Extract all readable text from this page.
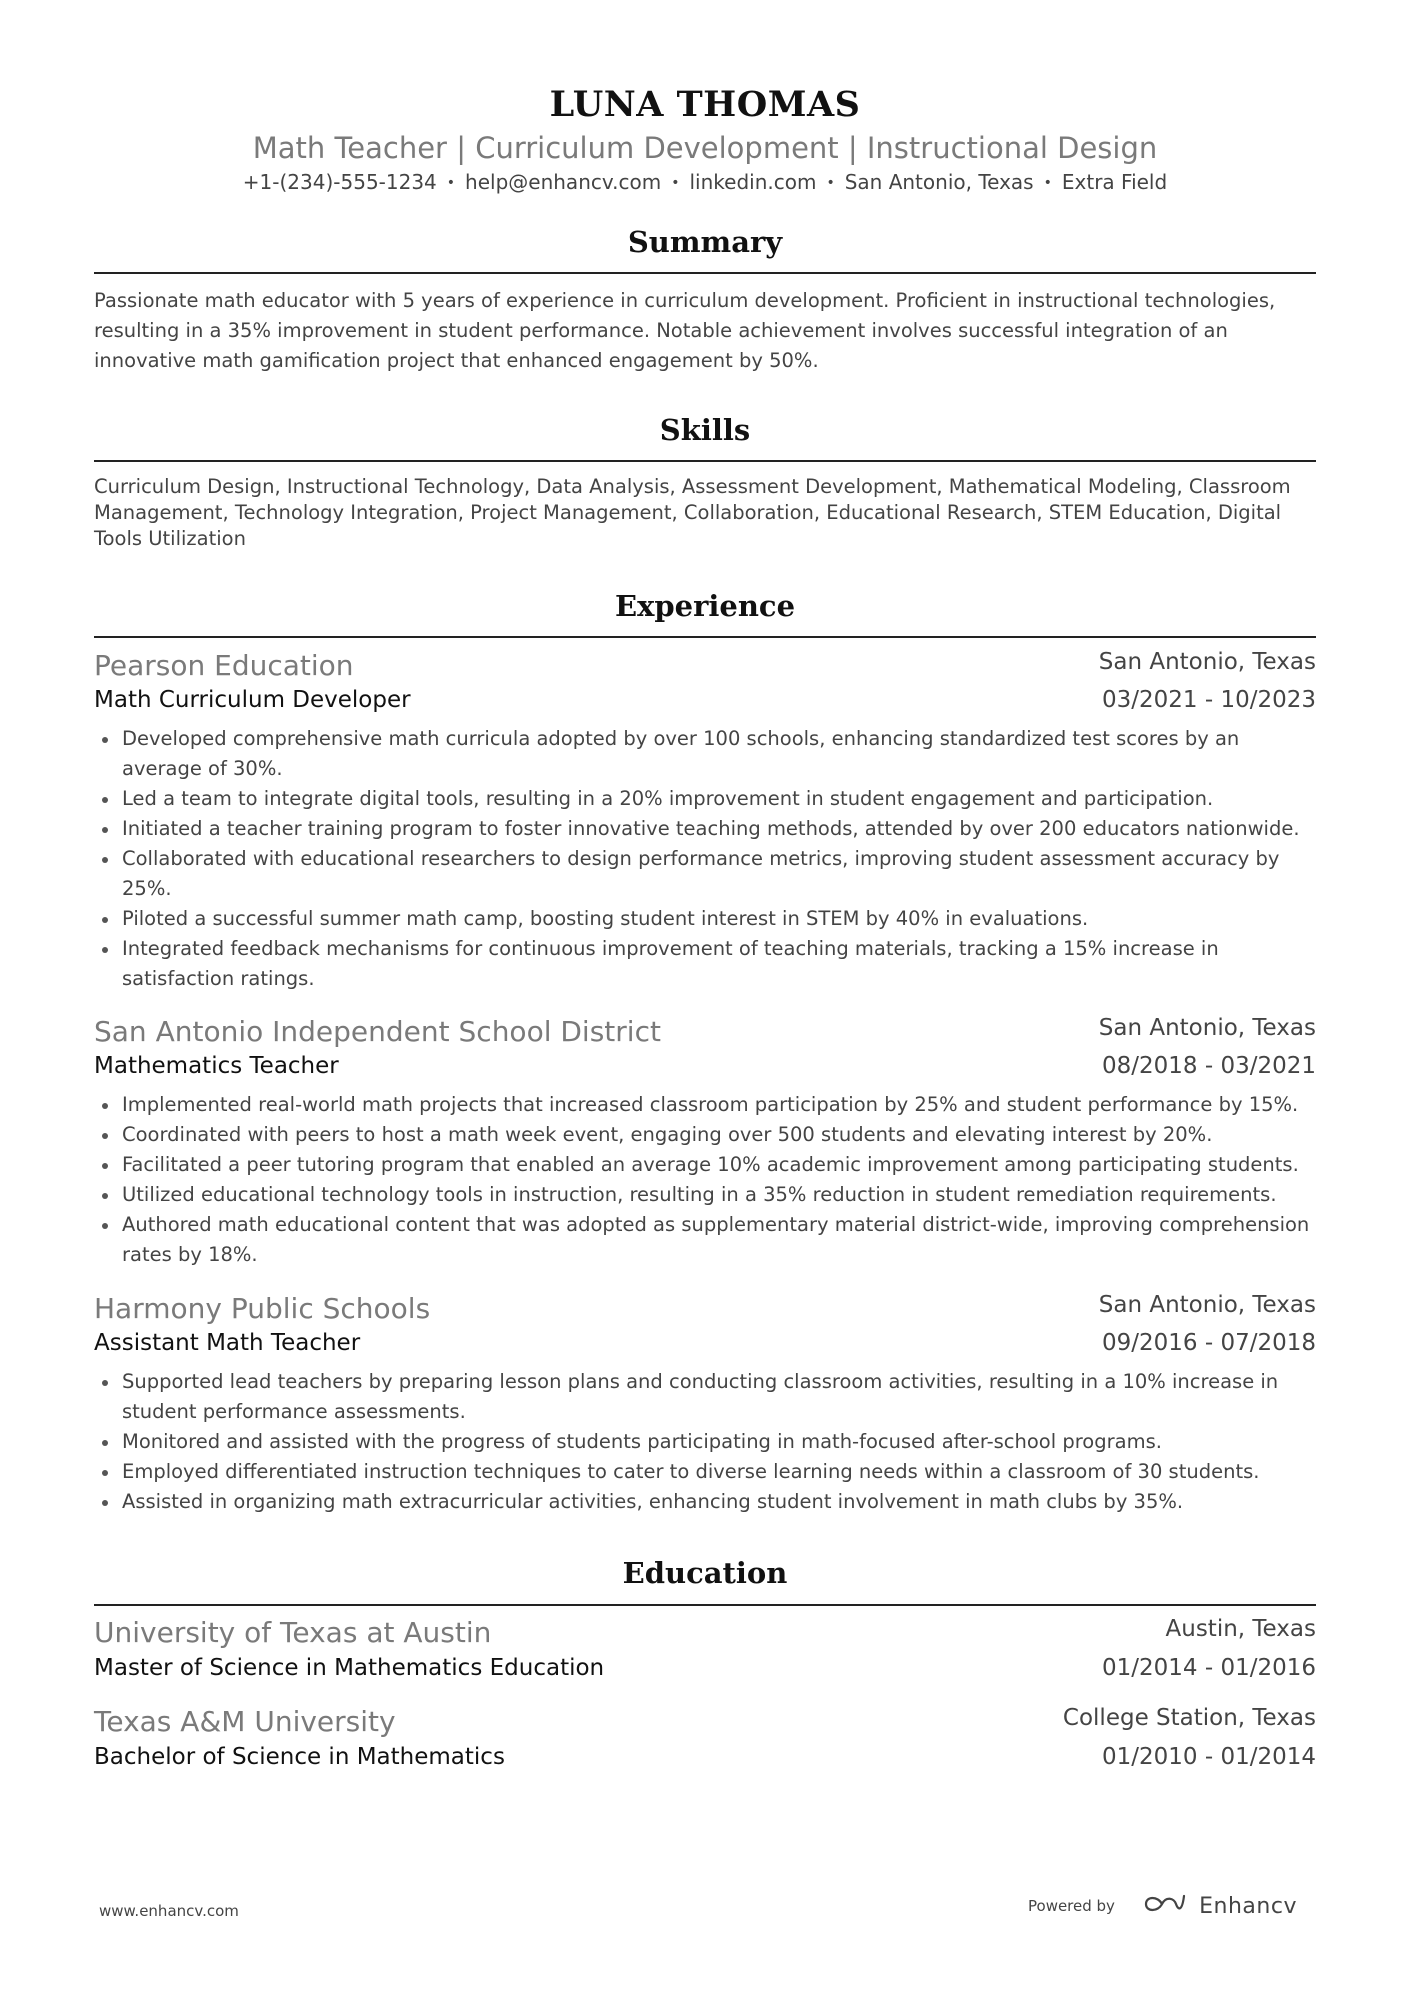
LUNA THOMAS
Math Teacher | Curriculum Development | Instructional Design
+1-(234)-555-1234 • help@enhancv.com • linkedin.com • San Antonio, Texas • Extra Field
Summary
Passionate math educator with 5 years of experience in curriculum development. Proficient in instructional technologies, resulting in a 35% improvement in student performance. Notable achievement involves successful integration of an innovative math gamification project that enhanced engagement by 50%.
Skills
Curriculum Design, Instructional Technology, Data Analysis, Assessment Development, Mathematical Modeling, Classroom Management, Technology Integration, Project Management, Collaboration, Educational Research, STEM Education, Digital Tools Utilization
Experience
Pearson Education	San Antonio, Texas
Math Curriculum Developer	03/2021 - 10/2023
Developed comprehensive math curricula adopted by over 100 schools, enhancing standardized test scores by an average of 30%.
Led a team to integrate digital tools, resulting in a 20% improvement in student engagement and participation.
Initiated a teacher training program to foster innovative teaching methods, attended by over 200 educators nationwide.
Collaborated with educational researchers to design performance metrics, improving student assessment accuracy by 25%.
Piloted a successful summer math camp, boosting student interest in STEM by 40% in evaluations.
Integrated feedback mechanisms for continuous improvement of teaching materials, tracking a 15% increase in satisfaction ratings.
San Antonio Independent School District	San Antonio, Texas
Mathematics Teacher	08/2018 - 03/2021
Implemented real-world math projects that increased classroom participation by 25% and student performance by 15%.
Coordinated with peers to host a math week event, engaging over 500 students and elevating interest by 20%.
Facilitated a peer tutoring program that enabled an average 10% academic improvement among participating students.
Utilized educational technology tools in instruction, resulting in a 35% reduction in student remediation requirements.
Authored math educational content that was adopted as supplementary material district-wide, improving comprehension rates by 18%.
Harmony Public Schools	San Antonio, Texas
Assistant Math Teacher	09/2016 - 07/2018
Supported lead teachers by preparing lesson plans and conducting classroom activities, resulting in a 10% increase in student performance assessments.
Monitored and assisted with the progress of students participating in math-focused after-school programs.
Employed differentiated instruction techniques to cater to diverse learning needs within a classroom of 30 students.
Assisted in organizing math extracurricular activities, enhancing student involvement in math clubs by 35%.
Education
University of Texas at Austin	Austin, Texas
Master of Science in Mathematics Education	01/2014 - 01/2016
Texas A&M University	College Station, Texas
Bachelor of Science in Mathematics	01/2010 - 01/2014
www.enhancv.com	Powered by	Enhancv
